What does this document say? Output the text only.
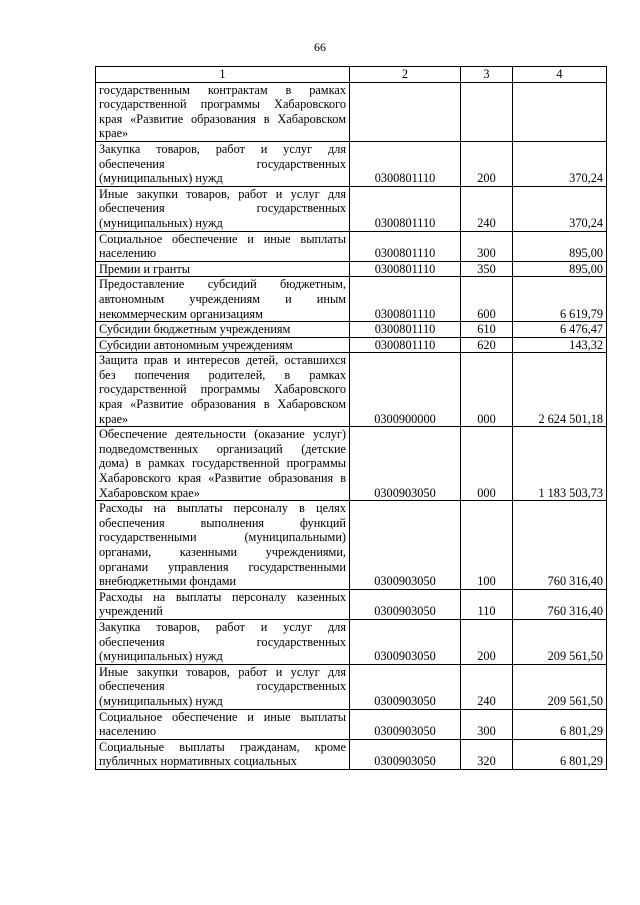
66
1	2	3	4
государственным контрактам в рамках государственной программы Хабаровского края «Развитие образования в Хабаровском крае»			
Закупка товаров, работ и услуг для обеспечения государственных (муниципальных) нужд	0300801110	200	370,24
Иные закупки товаров, работ и услуг для обеспечения государственных (муниципальных) нужд	0300801110	240	370,24
Социальное обеспечение и иные выплаты населению	0300801110	300	895,00
Премии и гранты	0300801110	350	895,00
Предоставление субсидий бюджетным, автономным учреждениям и иным некоммерческим организациям	0300801110	600	6 619,79
Субсидии бюджетным учреждениям	0300801110	610	6 476,47
Субсидии автономным учреждениям	0300801110	620	143,32
Защита прав и интересов детей, оставшихся без попечения родителей, в рамках государственной программы Хабаровского края «Развитие образования в Хабаровском крае»	0300900000	000	2 624 501,18
Обеспечение деятельности (оказание услуг) подведомственных организаций (детские дома) в рамках государственной программы Хабаровского края «Развитие образования в Хабаровском крае»	0300903050	000	1 183 503,73
Расходы на выплаты персоналу в целях обеспечения выполнения функций государственными (муниципальными) органами, казенными учреждениями, органами управления государственными внебюджетными фондами	0300903050	100	760 316,40
Расходы на выплаты персоналу казенных учреждений	0300903050	110	760 316,40
Закупка товаров, работ и услуг для обеспечения государственных (муниципальных) нужд	0300903050	200	209 561,50
Иные закупки товаров, работ и услуг для обеспечения государственных (муниципальных) нужд	0300903050	240	209 561,50
Социальное обеспечение и иные выплаты населению	0300903050	300	6 801,29
Социальные выплаты гражданам, кроме публичных нормативных социальных	0300903050	320	6 801,29
